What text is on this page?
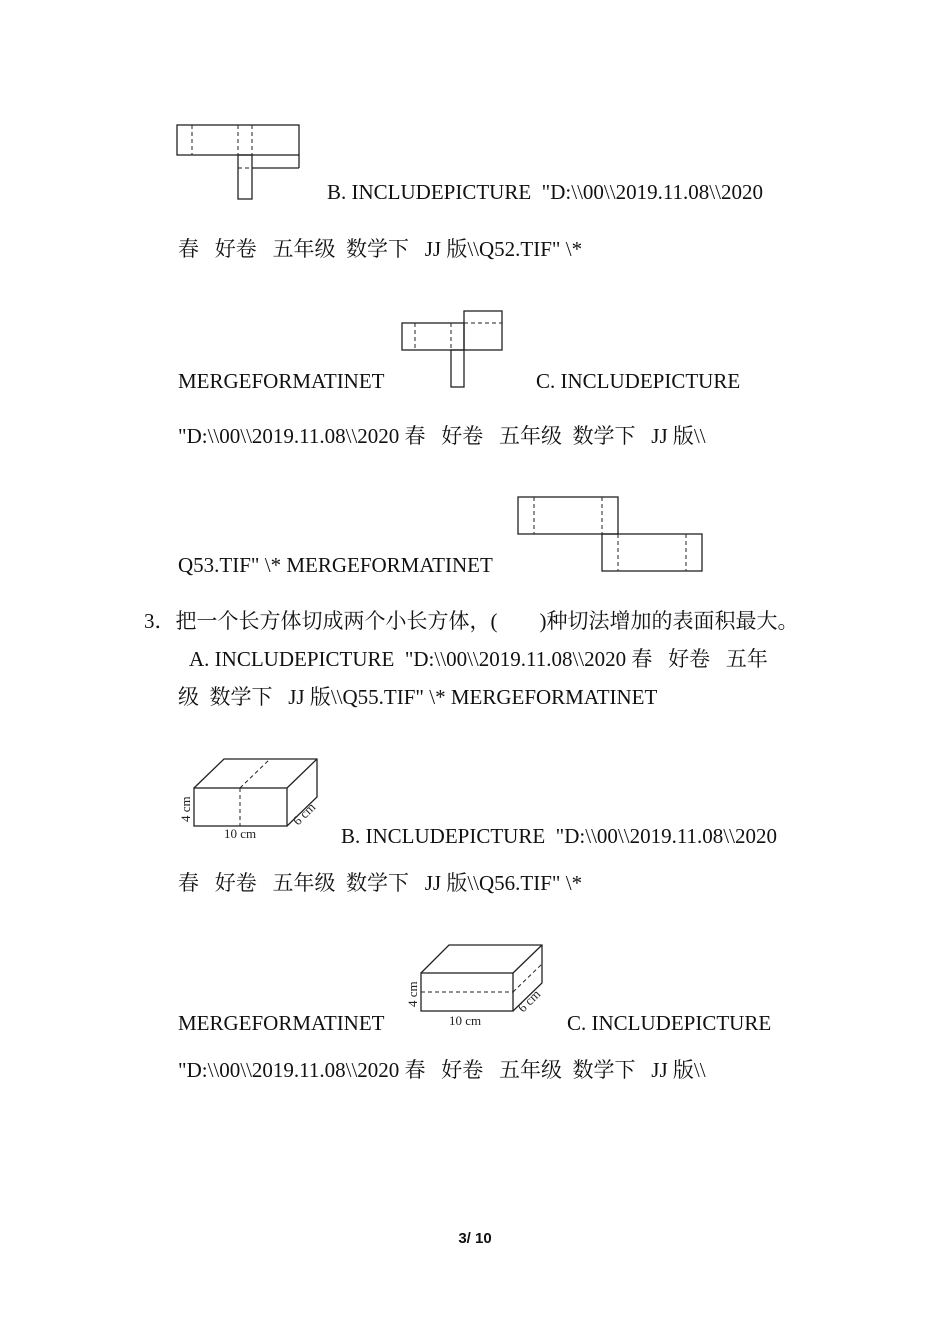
B. INCLUDEPICTURE  "D:\\00\\2019.11.08\\2020
春   好卷   五年级  数学下   JJ 版\\Q52.TIF" \*
MERGEFORMATINET	C. INCLUDEPICTURE
"D:\\00\\2019.11.08\\2020 春   好卷   五年级  数学下   JJ 版\\
Q53.TIF" \* MERGEFORMATINET
3．把一个长方体切成两个小长方体，(        )种切法增加的表面积最大。
A. INCLUDEPICTURE  "D:\\00\\2019.11.08\\2020 春   好卷   五年
级  数学下   JJ 版\\Q55.TIF" \* MERGEFORMATINET
4 cm
10 cm
6 cm
B. INCLUDEPICTURE  "D:\\00\\2019.11.08\\2020
春   好卷   五年级  数学下   JJ 版\\Q56.TIF" \*
4 cm
10 cm
6 cm
MERGEFORMATINET	C. INCLUDEPICTURE
"D:\\00\\2019.11.08\\2020 春   好卷   五年级  数学下   JJ 版\\
3/ 10
